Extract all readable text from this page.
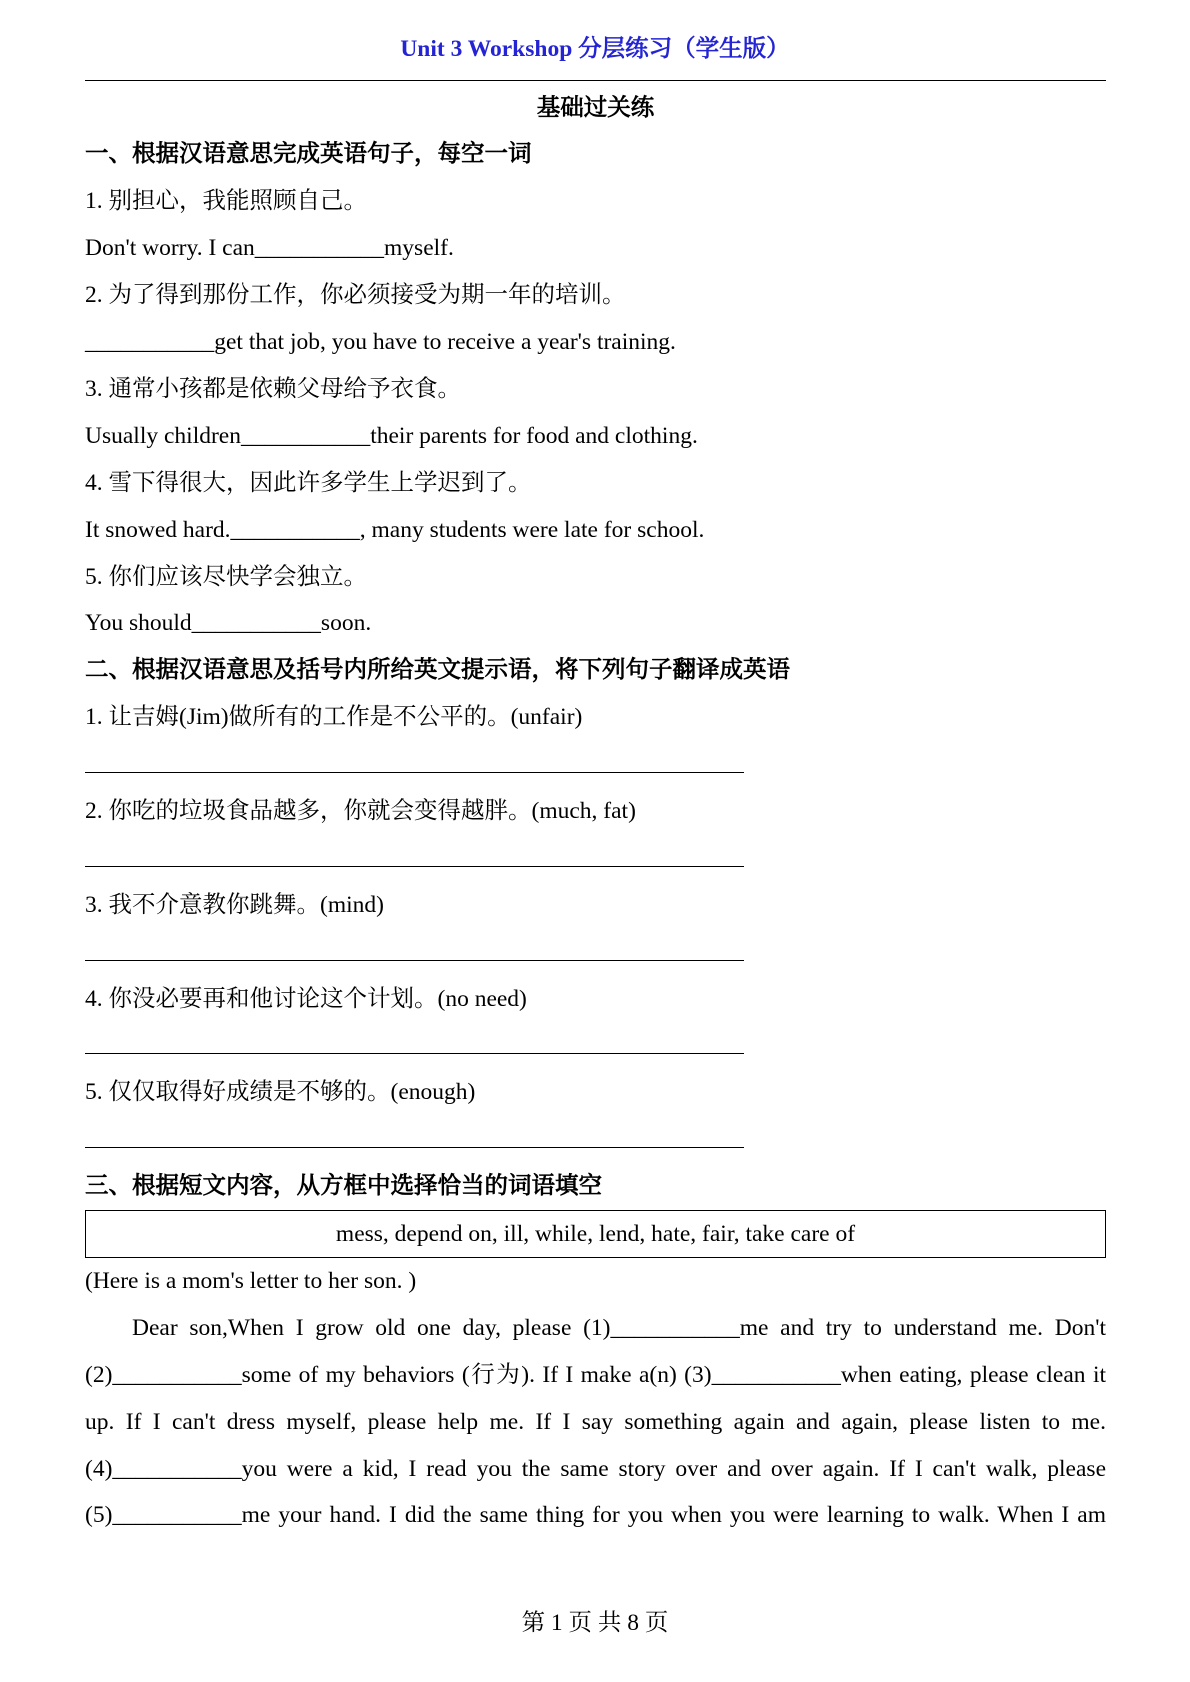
Unit 3 Workshop 分层练习（学生版）
基础过关练
一、根据汉语意思完成英语句子，每空一词
1. 别担心，我能照顾自己。
Don't worry. I can___________myself.
2. 为了得到那份工作，你必须接受为期一年的培训。
___________get that job, you have to receive a year's training.
3. 通常小孩都是依赖父母给予衣食。
Usually children___________their parents for food and clothing.
4. 雪下得很大，因此许多学生上学迟到了。
It snowed hard.___________, many students were late for school.
5. 你们应该尽快学会独立。
You should___________soon.
二、根据汉语意思及括号内所给英文提示语，将下列句子翻译成英语
1. 让吉姆(Jim)做所有的工作是不公平的。(unfair)
2. 你吃的垃圾食品越多，你就会变得越胖。(much, fat)
3. 我不介意教你跳舞。(mind)
4. 你没必要再和他讨论这个计划。(no need)
5. 仅仅取得好成绩是不够的。(enough)
三、根据短文内容，从方框中选择恰当的词语填空
mess, depend on, ill, while, lend, hate, fair, take care of
(Here is a mom's letter to her son. )
Dear son,When I grow old one day, please (1)___________me and try to understand me. Don't
(2)___________some of my behaviors (行为). If I make a(n) (3)___________when eating, please clean it
up. If I can't dress myself, please help me. If I say something again and again, please listen to me.
(4)___________you were a kid, I read you the same story over and over again. If I can't walk, please
(5)___________me your hand. I did the same thing for you when you were learning to walk. When I am
第 1 页 共 8 页
